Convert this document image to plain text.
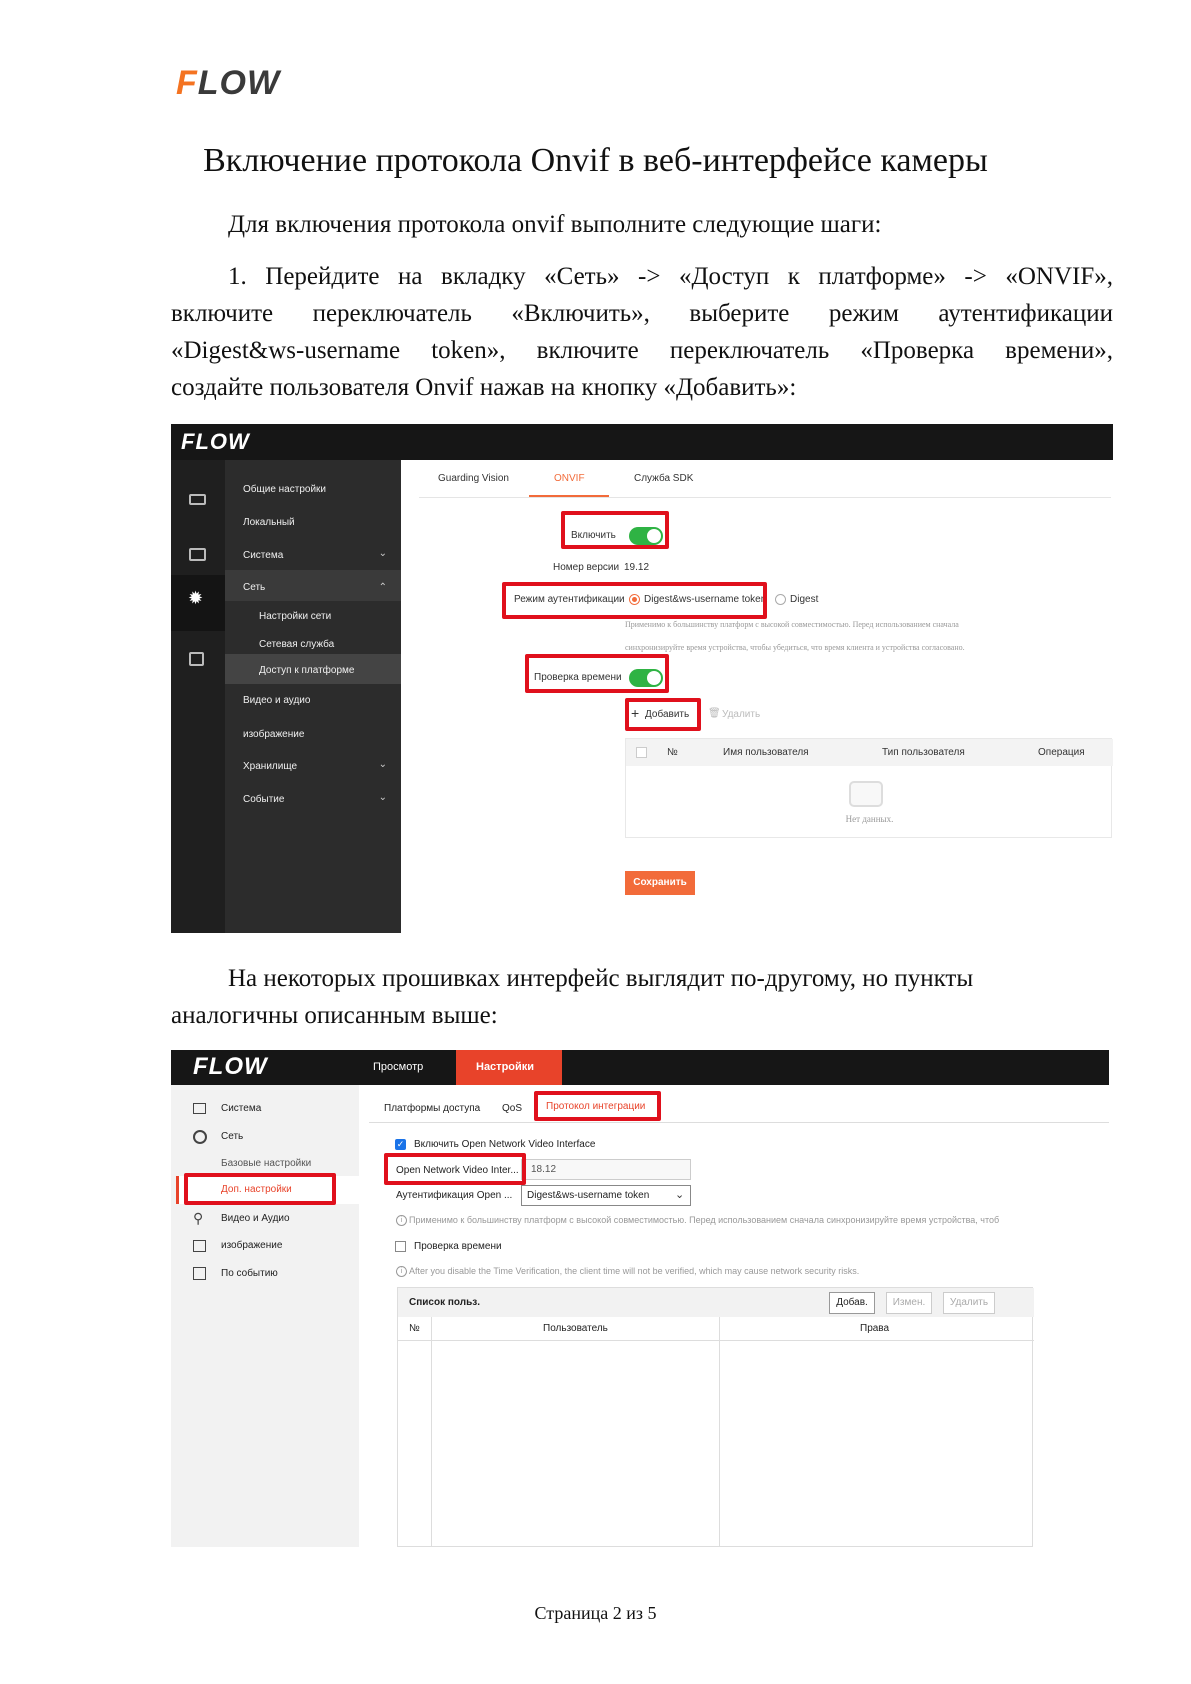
FLOW
Включение протокола Onvif в веб-интерфейсе камеры
Для включения протокола onvif выполните следующие шаги:
1. Перейдите на вкладку «Сеть» -> «Доступ к платформе» -> «ONVIF»,
включите переключатель «Включить», выберите режим аутентификации
«Digest&ws-username token», включите переключатель «Проверка времени»,
создайте пользователя Onvif нажав на кнопку «Добавить»:
FLOW
✹
Общие настройки
Локальный
Система	⌄
Сеть	⌃
Настройки сети
Сетевая служба
Доступ к платформе
Видео и аудио
изображение
Хранилище	⌄
Событие	⌄
Guarding Vision	ONVIF	Служба SDK
Включить
Номер версии 19.12
Режим аутентификации Digest&ws-username token Digest
Применимо к большинству платформ с высокой совместимостью. Перед использованием сначала
синхронизируйте время устройства, чтобы убедиться, что время клиента и устройства согласовано.
Проверка времени
+ Добавить 🗑 Удалить
№	Имя пользователя	Тип пользователя	Операция
Нет данных.
Сохранить
На некоторых прошивках интерфейс выглядит по-другому, но пункты
аналогичны описанным выше:
FLOW	Просмотр	Настройки
Система
Сеть
Базовые настройки
Доп. настройки
⚲ Видео и Аудио
изображение
По событию
Платформы доступа QoS Протокол интеграции
✓ Включить Open Network Video Interface
Open Network Video Inter... 18.12
Аутентификация Open ... Digest&ws-username token ⌄
i Применимо к большинству платформ с высокой совместимостью. Перед использованием сначала синхронизируйте время устройства, чтоб
Проверка времени
i After you disable the Time Verification, the client time will not be verified, which may cause network security risks.
Список польз.	Добав.	Измен.	Удалить
№	Пользователь	Права
Страница 2 из 5
